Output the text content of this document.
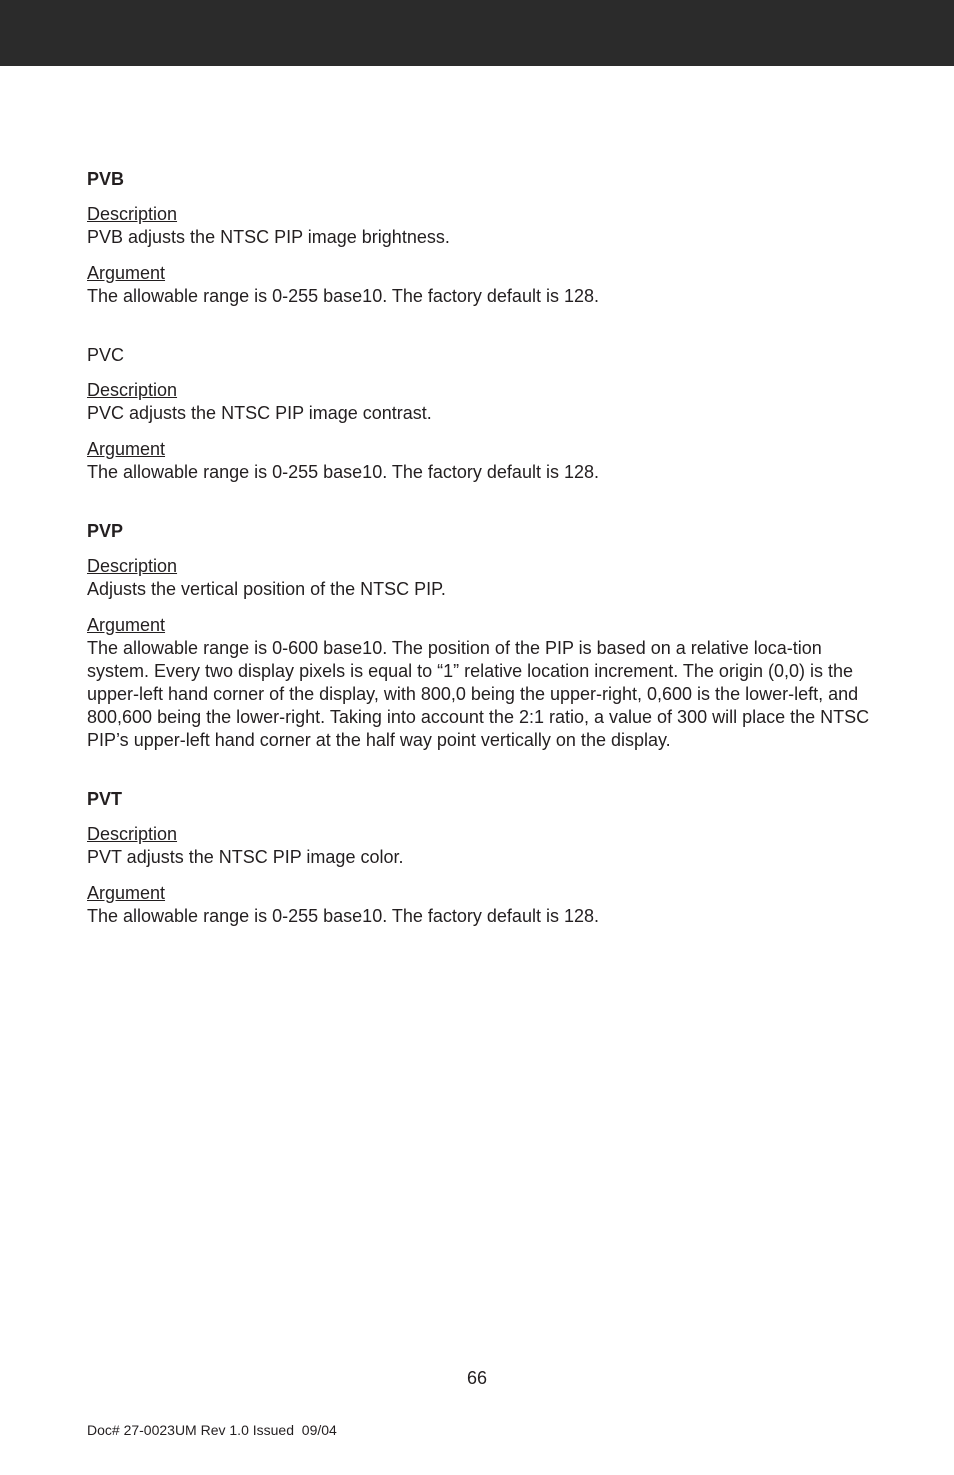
PVB

Description

PVB adjusts the NTSC PIP image brightness.

Argument

The allowable range is 0-255 base10. The factory default is 128.

PVC

Description

PVC adjusts the NTSC PIP image contrast.

Argument

The allowable range is 0-255 base10. The factory default is 128.

PVP

Description

Adjusts the vertical position of the NTSC PIP.

Argument

The allowable range is 0-600 base10. The position of the PIP is based on a relative loca-tion system. Every two display pixels is equal to “1” relative location increment. The origin (0,0) is the upper-left hand corner of the display, with 800,0 being the upper-right, 0,600 is the lower-left, and 800,600 being the lower-right. Taking into account the 2:1 ratio, a value of 300 will place the NTSC PIP’s upper-left hand corner at the half way point vertically on the display.

PVT

Description

PVT adjusts the NTSC PIP image color.

Argument

The allowable range is 0-255 base10. The factory default is 128.

66
Doc# 27-0023UM Rev 1.0 Issued  09/04
